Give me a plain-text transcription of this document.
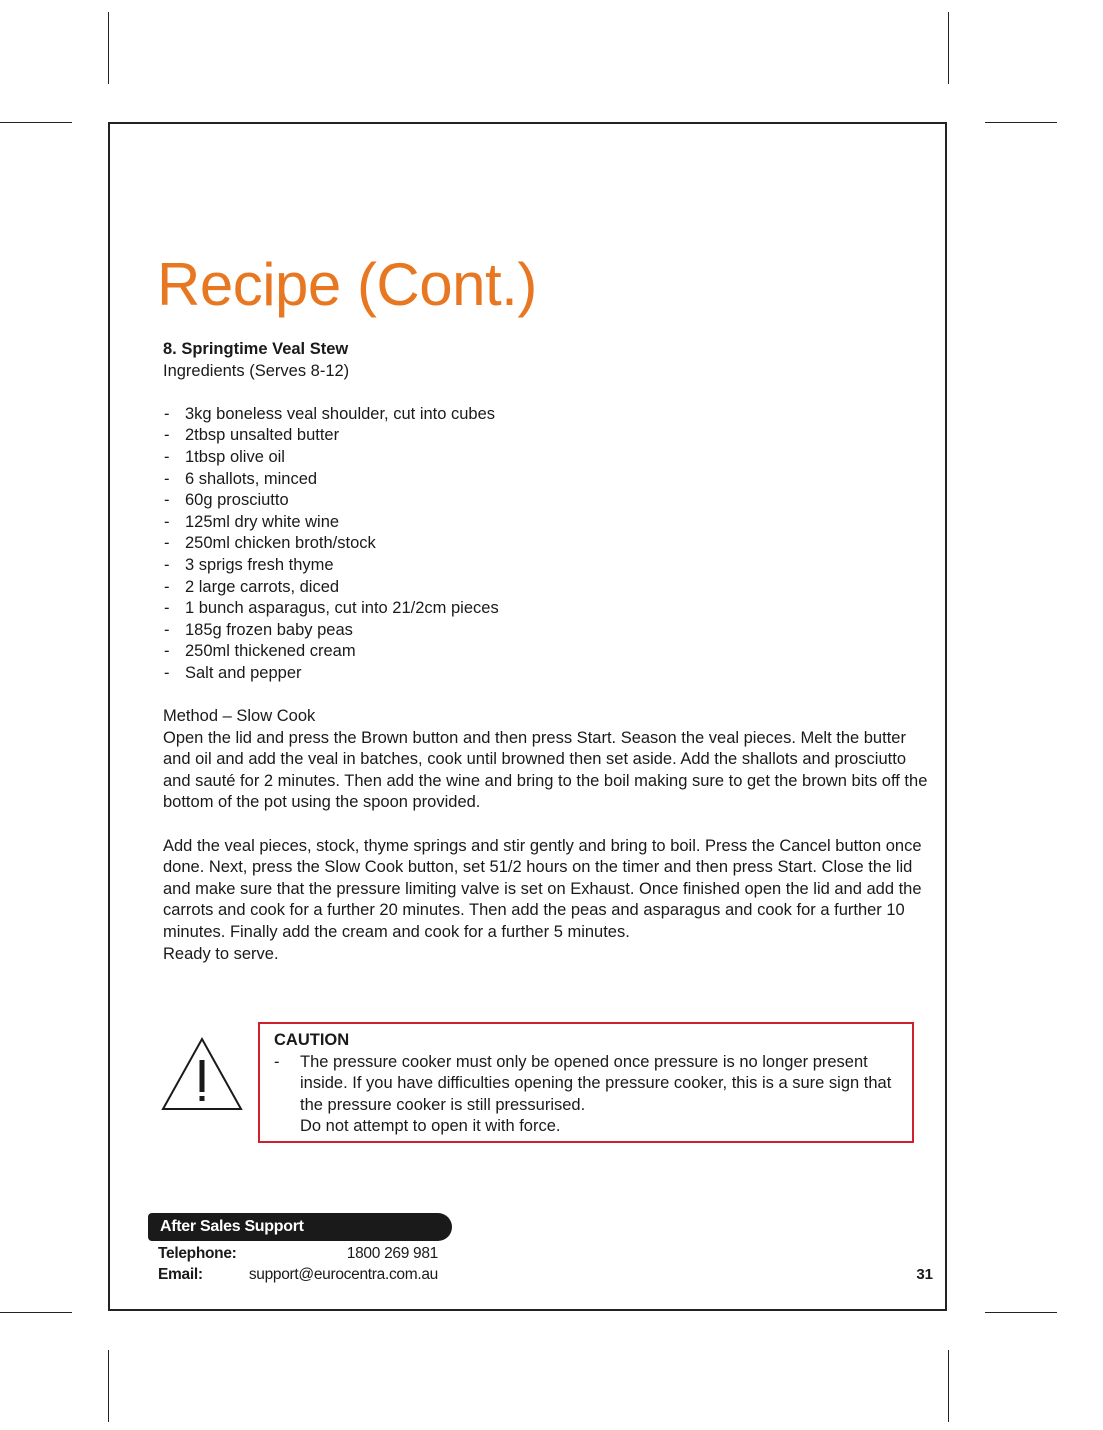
Recipe (Cont.)

8. Springtime Veal Stew

Ingredients (Serves 8-12)

- 3kg boneless veal shoulder, cut into cubes
- 2tbsp unsalted butter
- 1tbsp olive oil
- 6 shallots, minced
- 60g prosciutto
- 125ml dry white wine
- 250ml chicken broth/stock
- 3 sprigs fresh thyme
- 2 large carrots, diced
- 1 bunch asparagus, cut into 21/2cm pieces
- 185g frozen baby peas
- 250ml thickened cream
- Salt and pepper

Method – Slow Cook

Open the lid and press the Brown button and then press Start. Season the veal pieces. Melt the butter and oil and add the veal in batches, cook until browned then set aside. Add the shallots and prosciutto and sauté for 2 minutes. Then add the wine and bring to the boil making sure to get the brown bits off the bottom of the pot using the spoon provided.

Add the veal pieces, stock, thyme springs and stir gently and bring to boil. Press the Cancel button once done. Next, press the Slow Cook button, set 51/2 hours on the timer and then press Start. Close the lid and make sure that the pressure limiting valve is set on Exhaust. Once finished open the lid and add the carrots and cook for a further 20 minutes. Then add the peas and asparagus and cook for a further 10 minutes. Finally add the cream and cook for a further 5 minutes.

Ready to serve.

CAUTION

- The pressure cooker must only be opened once pressure is no longer present inside. If you have difficulties opening the pressure cooker, this is a sure sign that the pressure cooker is still pressurised.

Do not attempt to open it with force.

After Sales Support
Telephone:	1800 269 981
Email:	support@eurocentra.com.au	31
